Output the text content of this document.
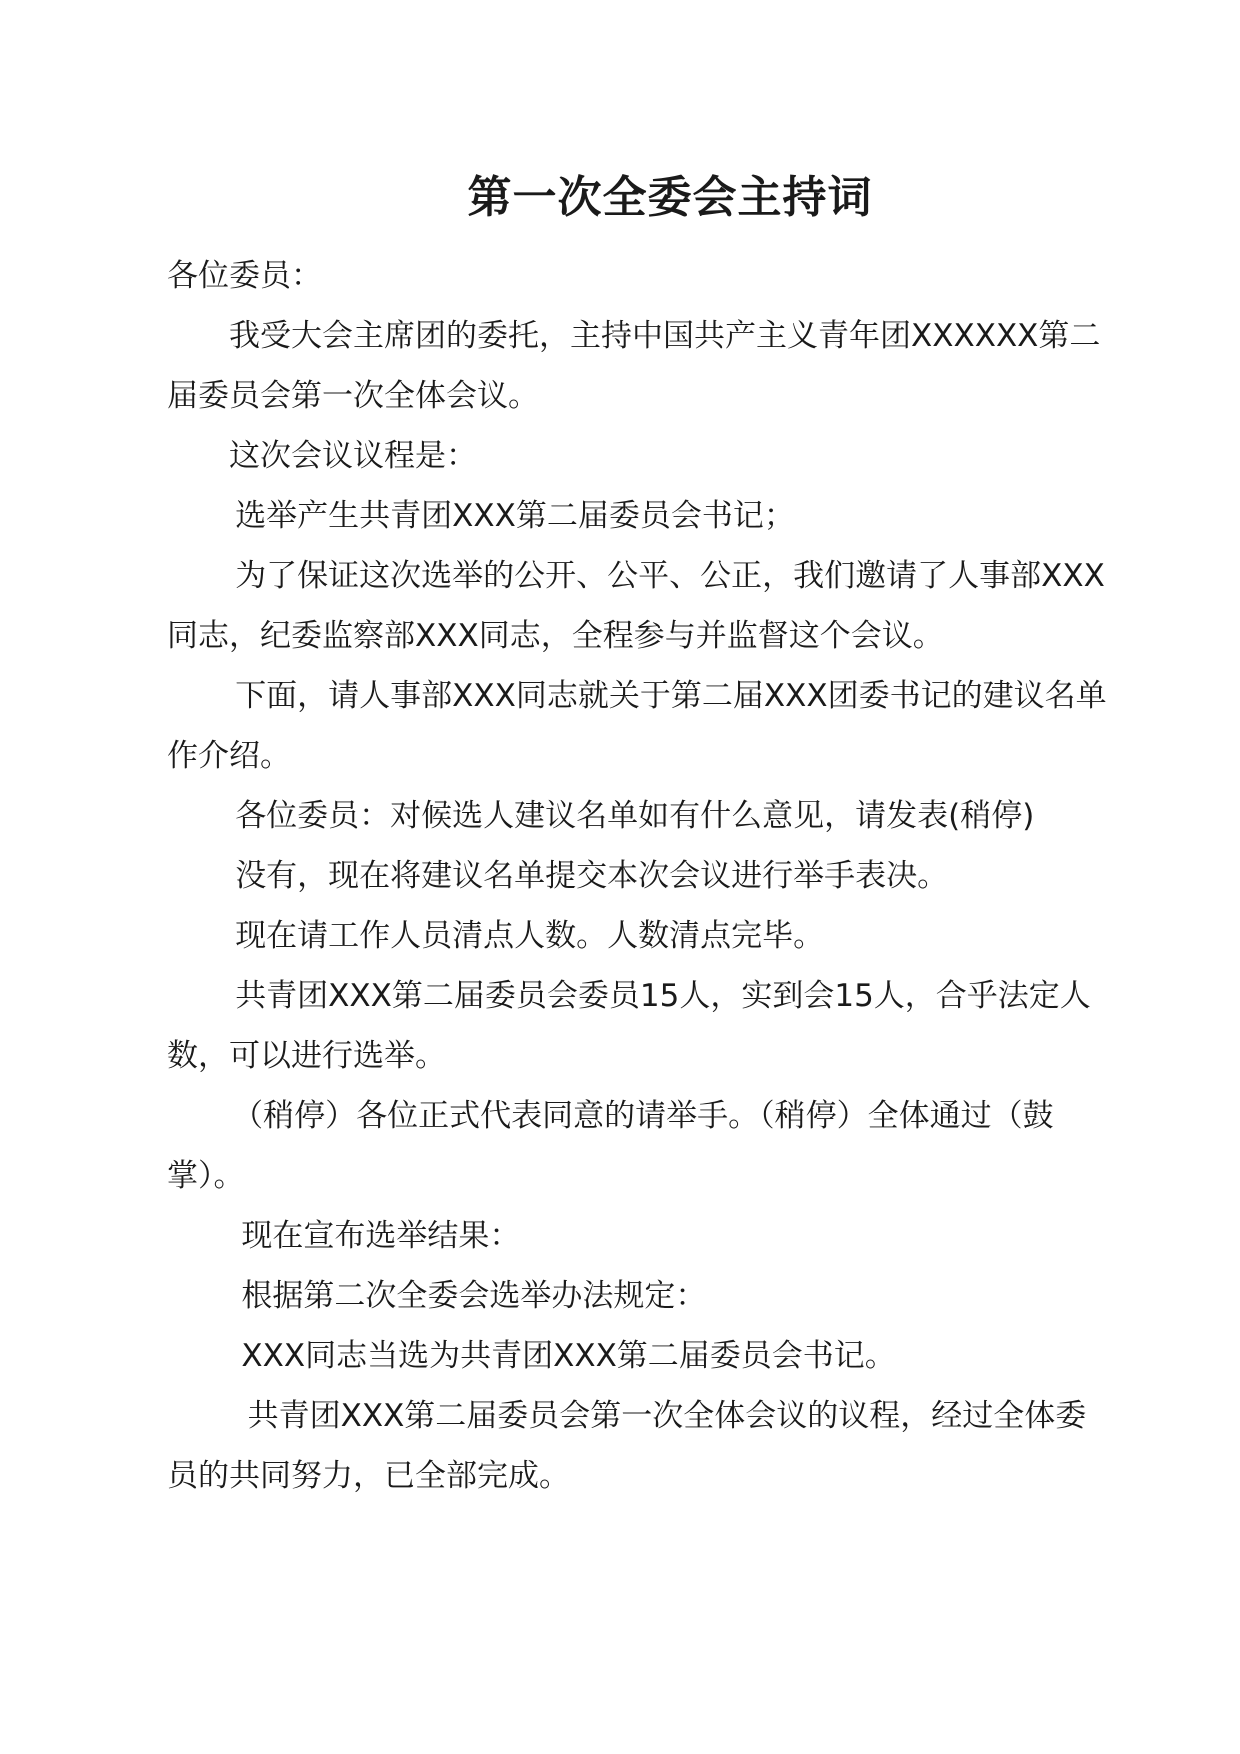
第一次全委会主持词

各位委员：

我受大会主席团的委托，主持中国共产主义青年团XXXXXX第二届委员会第一次全体会议。

这次会议议程是：

选举产生共青团XXX第二届委员会书记；

为了保证这次选举的公开、公平、公正，我们邀请了人事部XXX同志，纪委监察部XXX同志，全程参与并监督这个会议。

下面，请人事部XXX同志就关于第二届XXX团委书记的建议名单作介绍。

各位委员：对候选人建议名单如有什么意见，请发表(稍停)

没有，现在将建议名单提交本次会议进行举手表决。

现在请工作人员清点人数。人数清点完毕。

共青团XXX第二届委员会委员15人，实到会15人，合乎法定人数，可以进行选举。

（稍停）各位正式代表同意的请举手。（稍停）全体通过（鼓掌）。

现在宣布选举结果：

根据第二次全委会选举办法规定：

XXX同志当选为共青团XXX第二届委员会书记。

共青团XXX第二届委员会第一次全体会议的议程，经过全体委员的共同努力，已全部完成。
